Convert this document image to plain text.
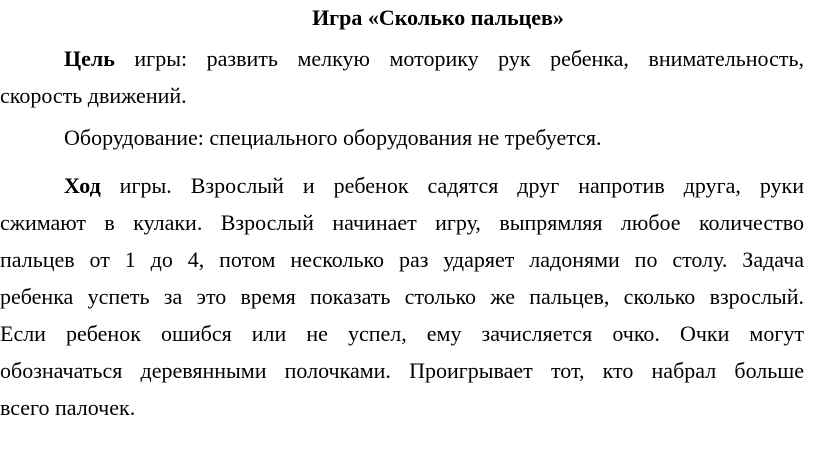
Игра «Сколько пальцев»
Цель игры: развить мелкую моторику рук ребенка, внимательность,
скорость движений.
Оборудование: специального оборудования не требуется.
Ход игры. Взрослый и ребенок садятся друг напротив друга, руки
сжимают в кулаки. Взрослый начинает игру, выпрямляя любое количество
пальцев от 1 до 4, потом несколько раз ударяет ладонями по столу. Задача
ребенка успеть за это время показать столько же пальцев, сколько взрослый.
Если ребенок ошибся или не успел, ему зачисляется очко. Очки могут
обозначаться деревянными полочками. Проигрывает тот, кто набрал больше
всего палочек.
